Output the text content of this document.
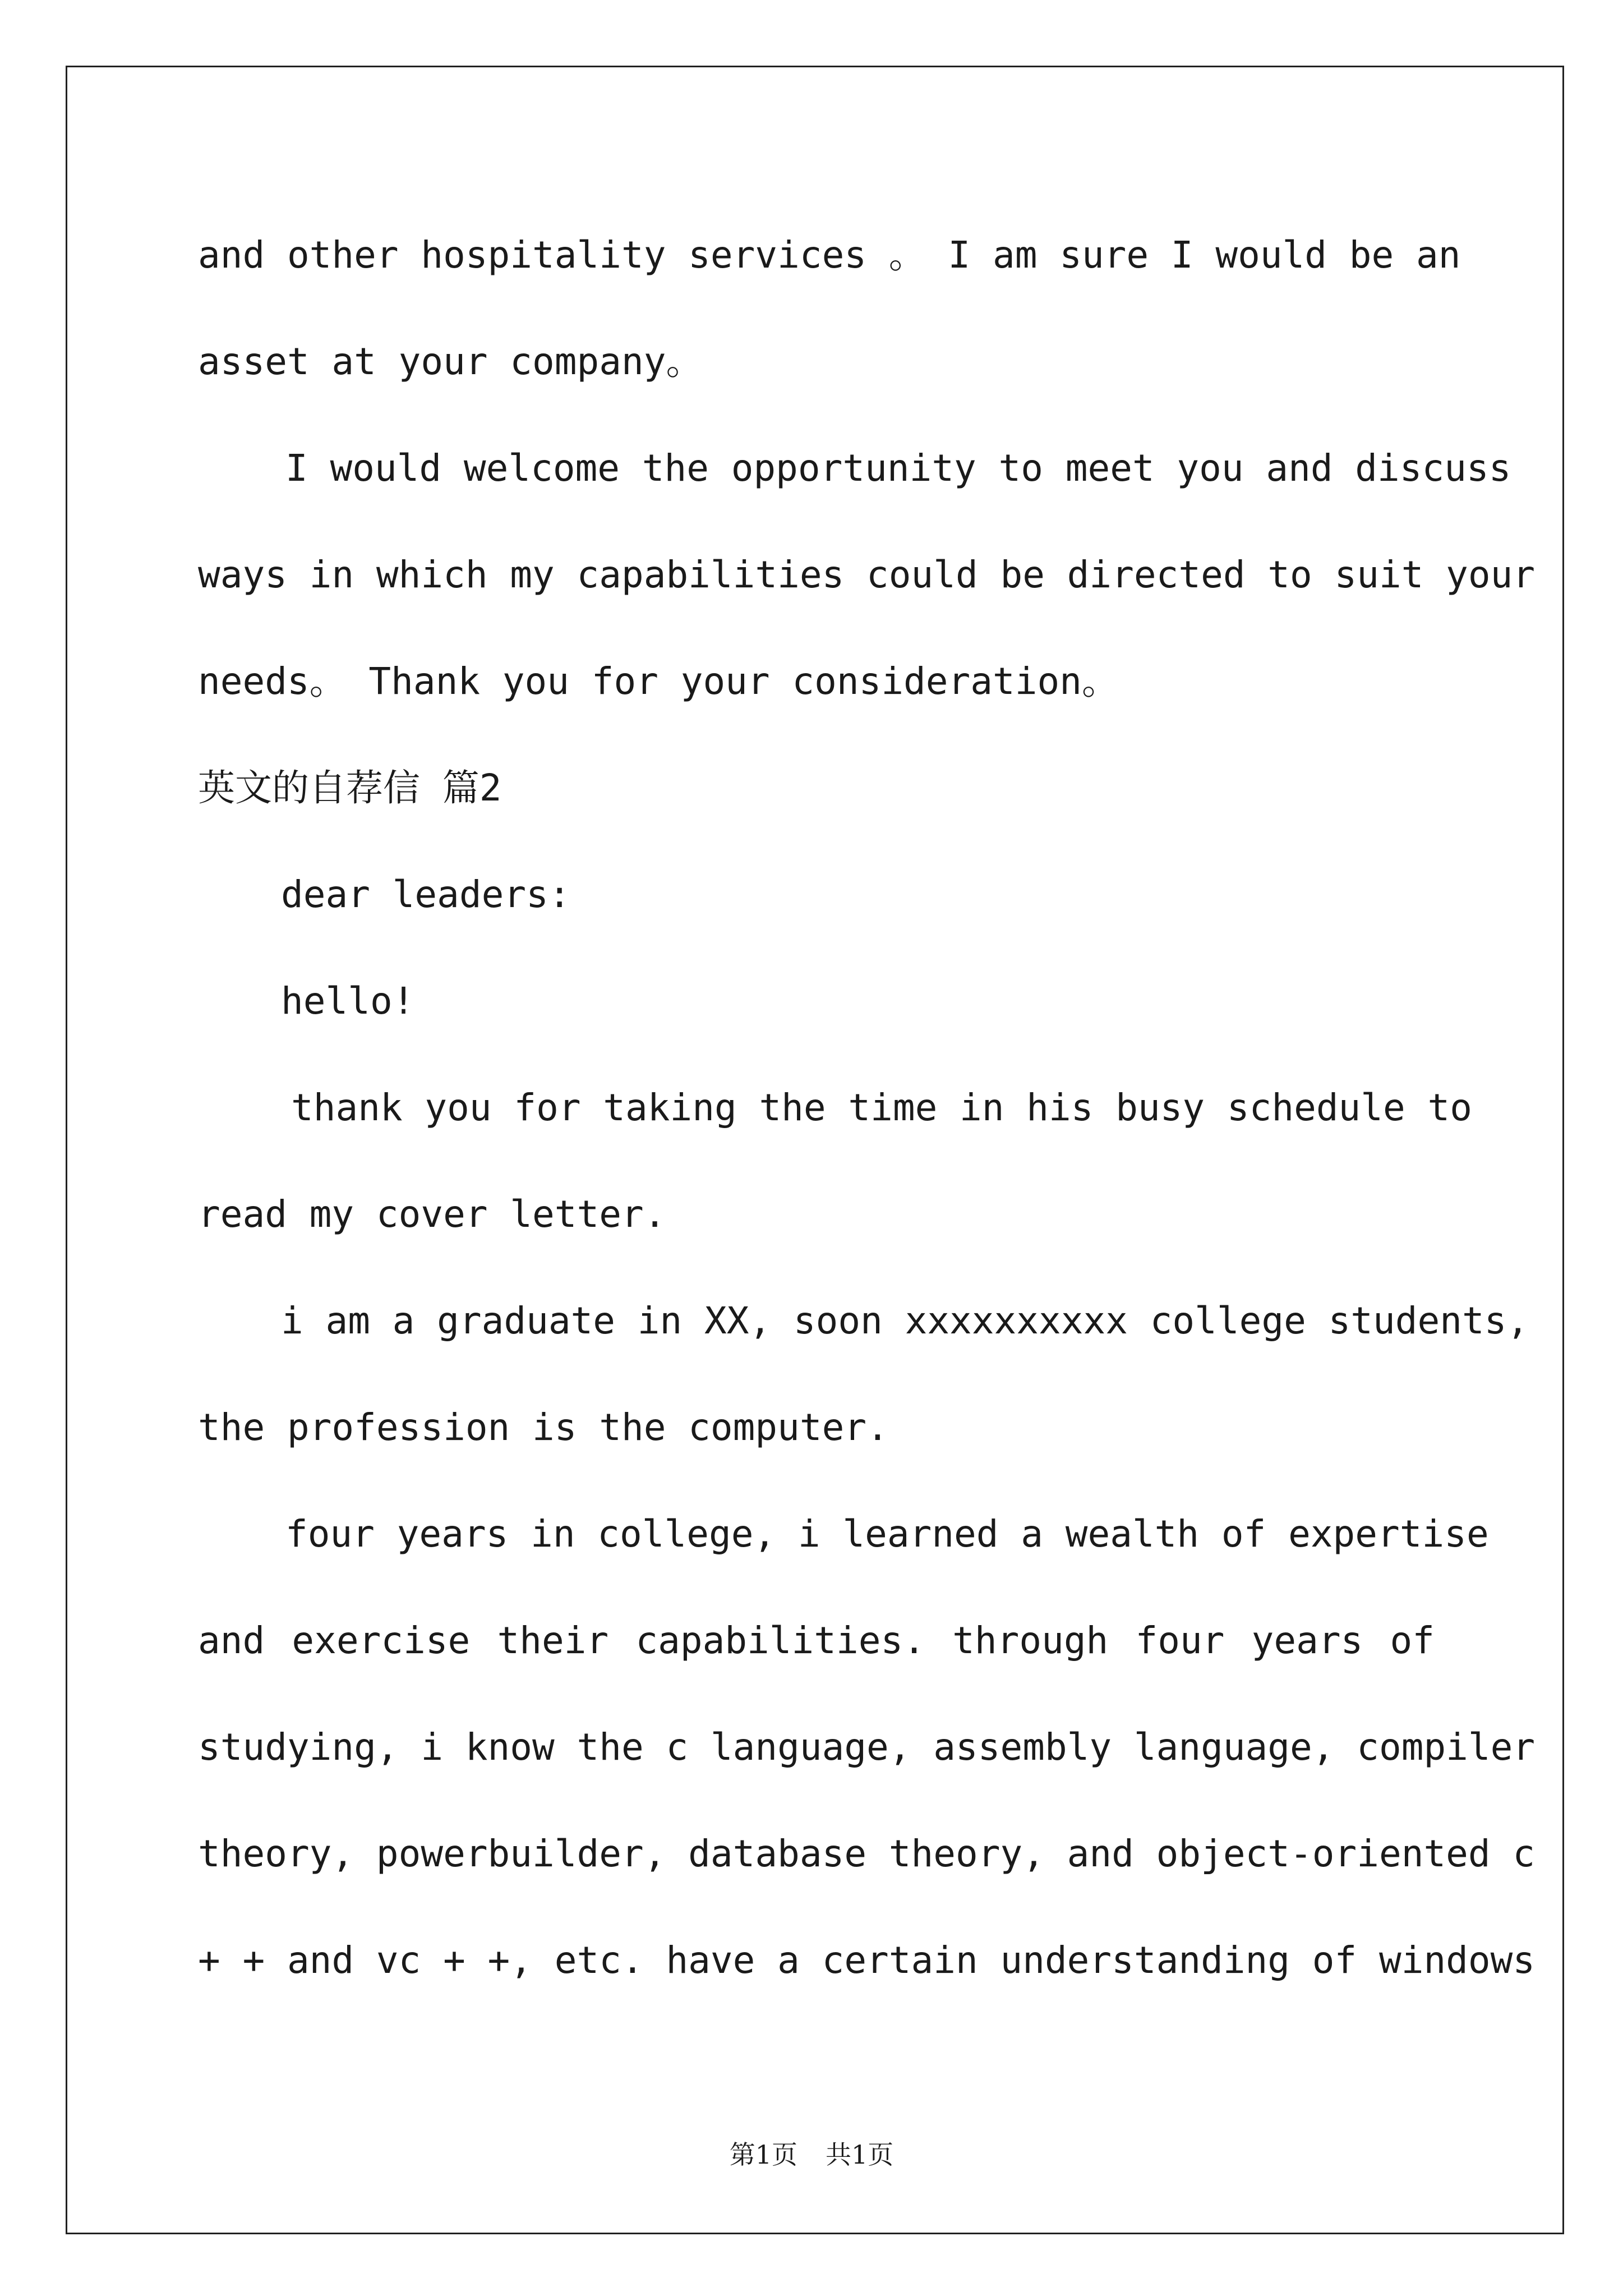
and other hospitality services 。 I am sure I would be an
asset at your company。
I would welcome the opportunity to meet you and discuss
ways in which my capabilities could be directed to suit your
needs。 Thank you for your consideration。
英文的自荐信 篇2
dear leaders:
hello!
thank you for taking the time in his busy schedule to
read my cover letter.
i am a graduate in XX, soon xxxxxxxxxx college students,
the profession is the computer.
four years in college, i learned a wealth of expertise
and exercise their capabilities. through four years of
studying, i know the c language, assembly language, compiler
theory, powerbuilder, database theory, and object-oriented c
+ + and vc + +, etc. have a certain understanding of windows
第1页 共1页
